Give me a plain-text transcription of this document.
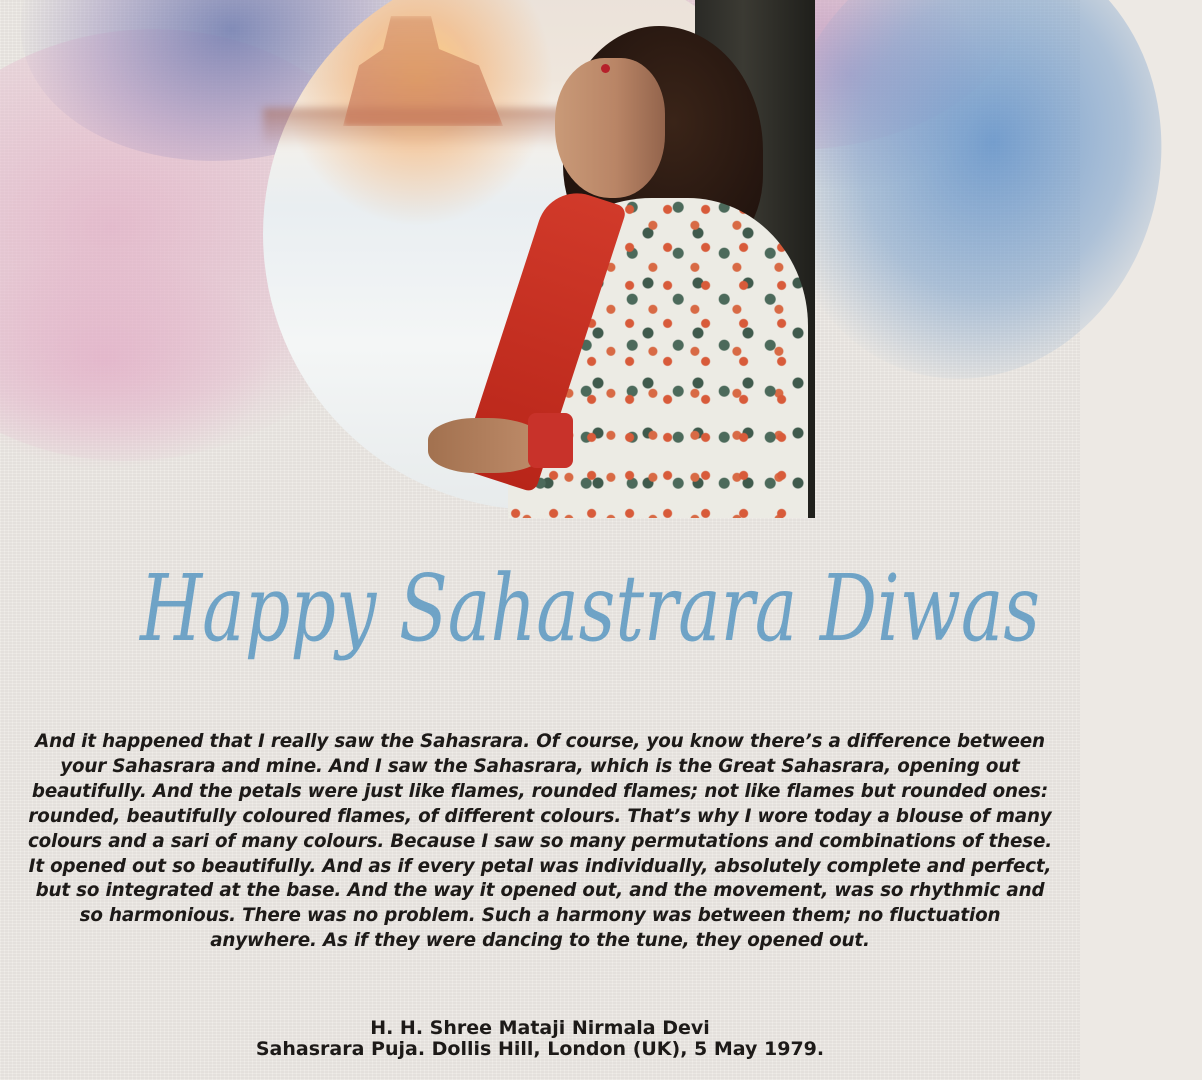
Happy Sahastrara Diwas

And it happened that I really saw the Sahasrara. Of course, you know there’s a difference between your Sahasrara and mine. And I saw the Sahasrara, which is the Great Sahasrara, opening out beautifully. And the petals were just like flames, rounded flames; not like flames but rounded ones: rounded, beautifully coloured flames, of different colours. That’s why I wore today a blouse of many colours and a sari of many colours. Because I saw so many permutations and combinations of these. It opened out so beautifully. And as if every petal was individually, absolutely complete and perfect, but so integrated at the base. And the way it opened out, and the movement, was so rhythmic and so harmonious. There was no problem. Such a harmony was between them; no fluctuation anywhere. As if they were dancing to the tune, they opened out.

H. H. Shree Mataji Nirmala Devi
Sahasrara Puja. Dollis Hill, London (UK), 5 May 1979.
